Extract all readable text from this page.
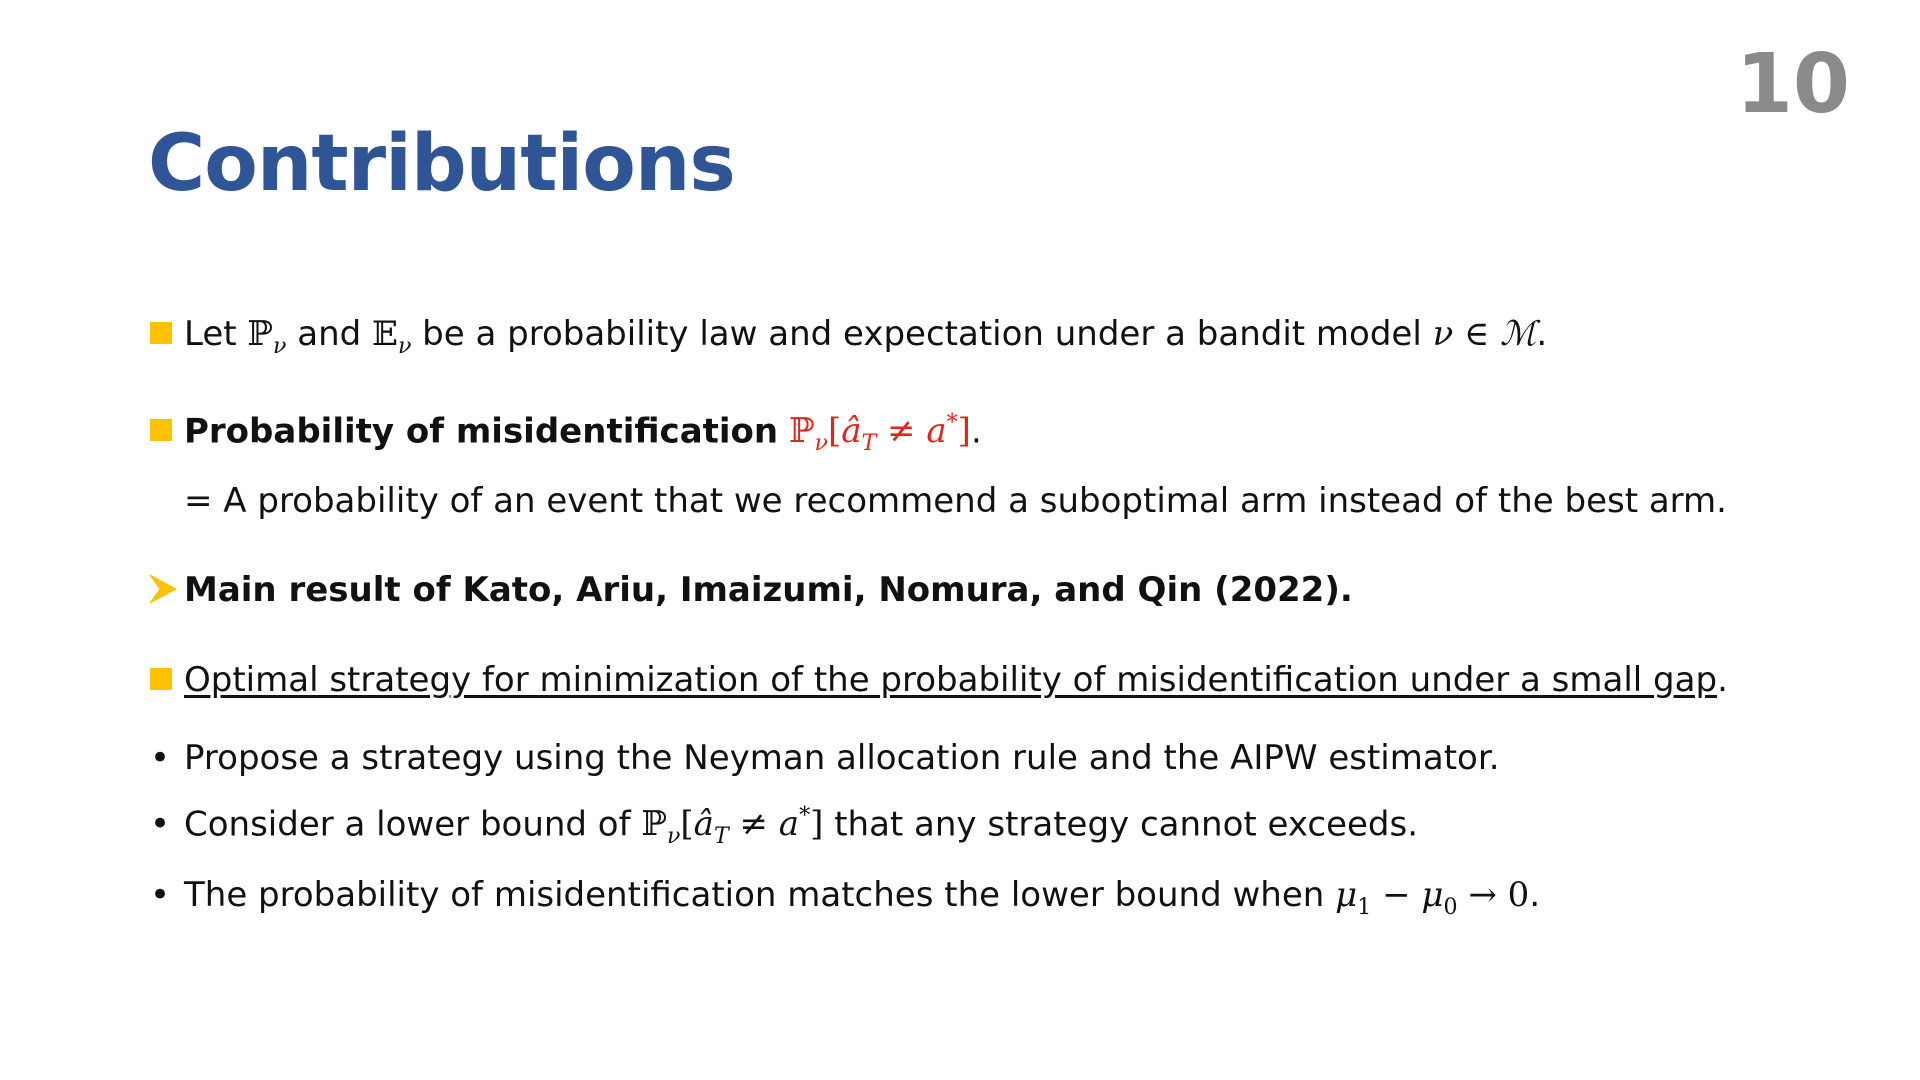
10
Contributions
Let ℙ$_\nu$ and 𝔼$_\nu$ be a probability law and expectation under a bandit model ν ∈ ℳ.
Probability of misidentification $ℙ_\nu[â_T \ne a^*]$.
= A probability of an event that we recommend a suboptimal arm instead of the best arm.
Main result of Kato, Ariu, Imaizumi, Nomura, and Qin (2022).
Optimal strategy for minimization of the probability of misidentification under a small gap.
• Propose a strategy using the Neyman allocation rule and the AIPW estimator.
• Consider a lower bound of $ℙ_\nu[â_T \ne a^*]$ that any strategy cannot exceeds.
• The probability of misidentification matches the lower bound when $\mu_1 - \mu_0 \to 0$.
